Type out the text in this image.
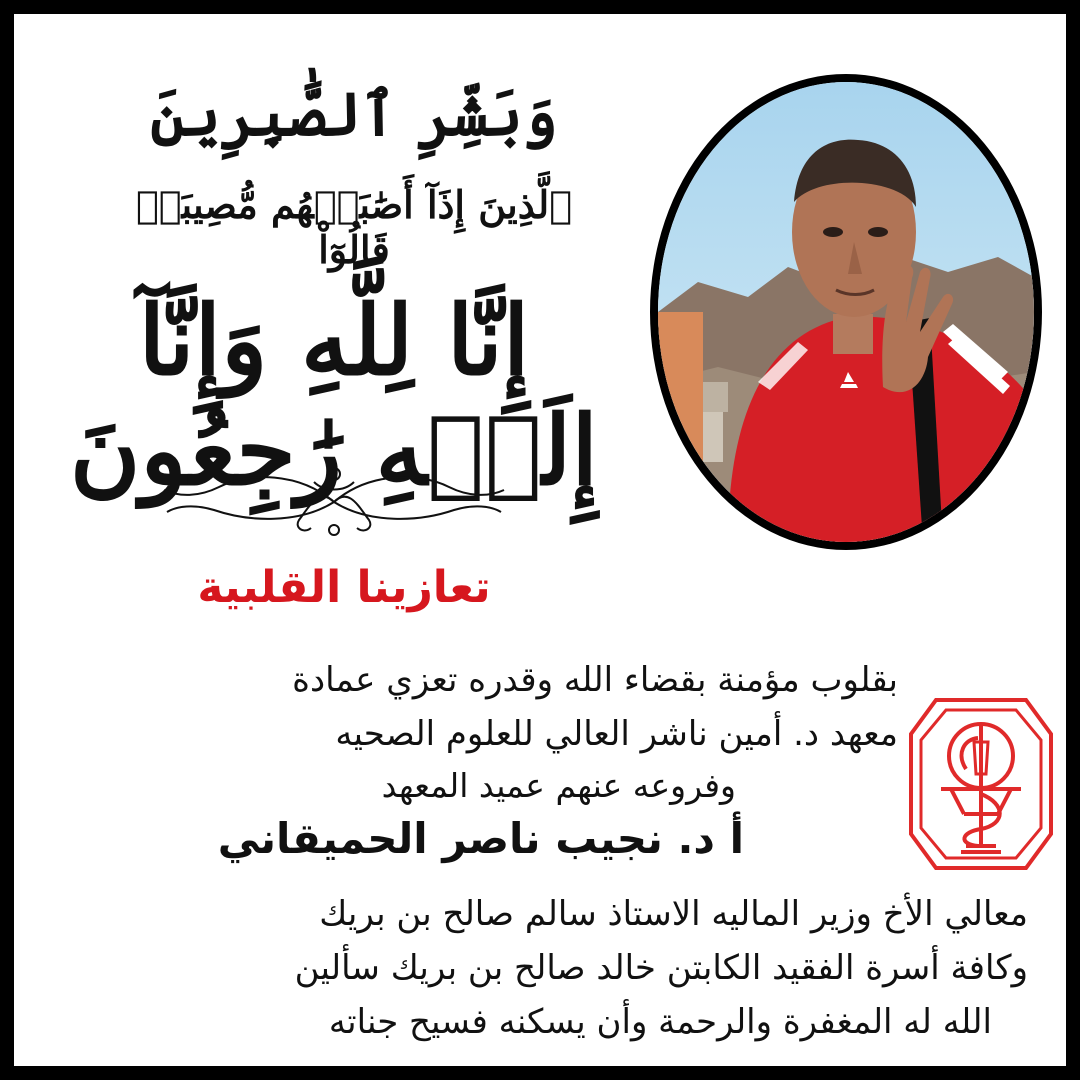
وَبَشِّرِ ٱلصَّٰبِرِينَ
ٱلَّذِينَ إِذَآ أَصَٰبَتۡهُم مُّصِيبَةٞ قَالُوٓاْ
إِنَّا لِلَّهِ وَإِنَّآ إِلَيۡهِ رَٰجِعُونَ
تعازينا القلبية
بقلوب مؤمنة بقضاء الله وقدره تعزي عمادة
معهد د. أمين ناشر العالي للعلوم الصحيه
وفروعه عنهم عميد المعهد
أ د. نجيب ناصر الحميقاني
معالي الأخ وزير الماليه الاستاذ سالم صالح بن بريك
وكافة أسرة الفقيد الكابتن خالد صالح بن بريك سألين
الله له المغفرة والرحمة وأن يسكنه فسيح جناته
